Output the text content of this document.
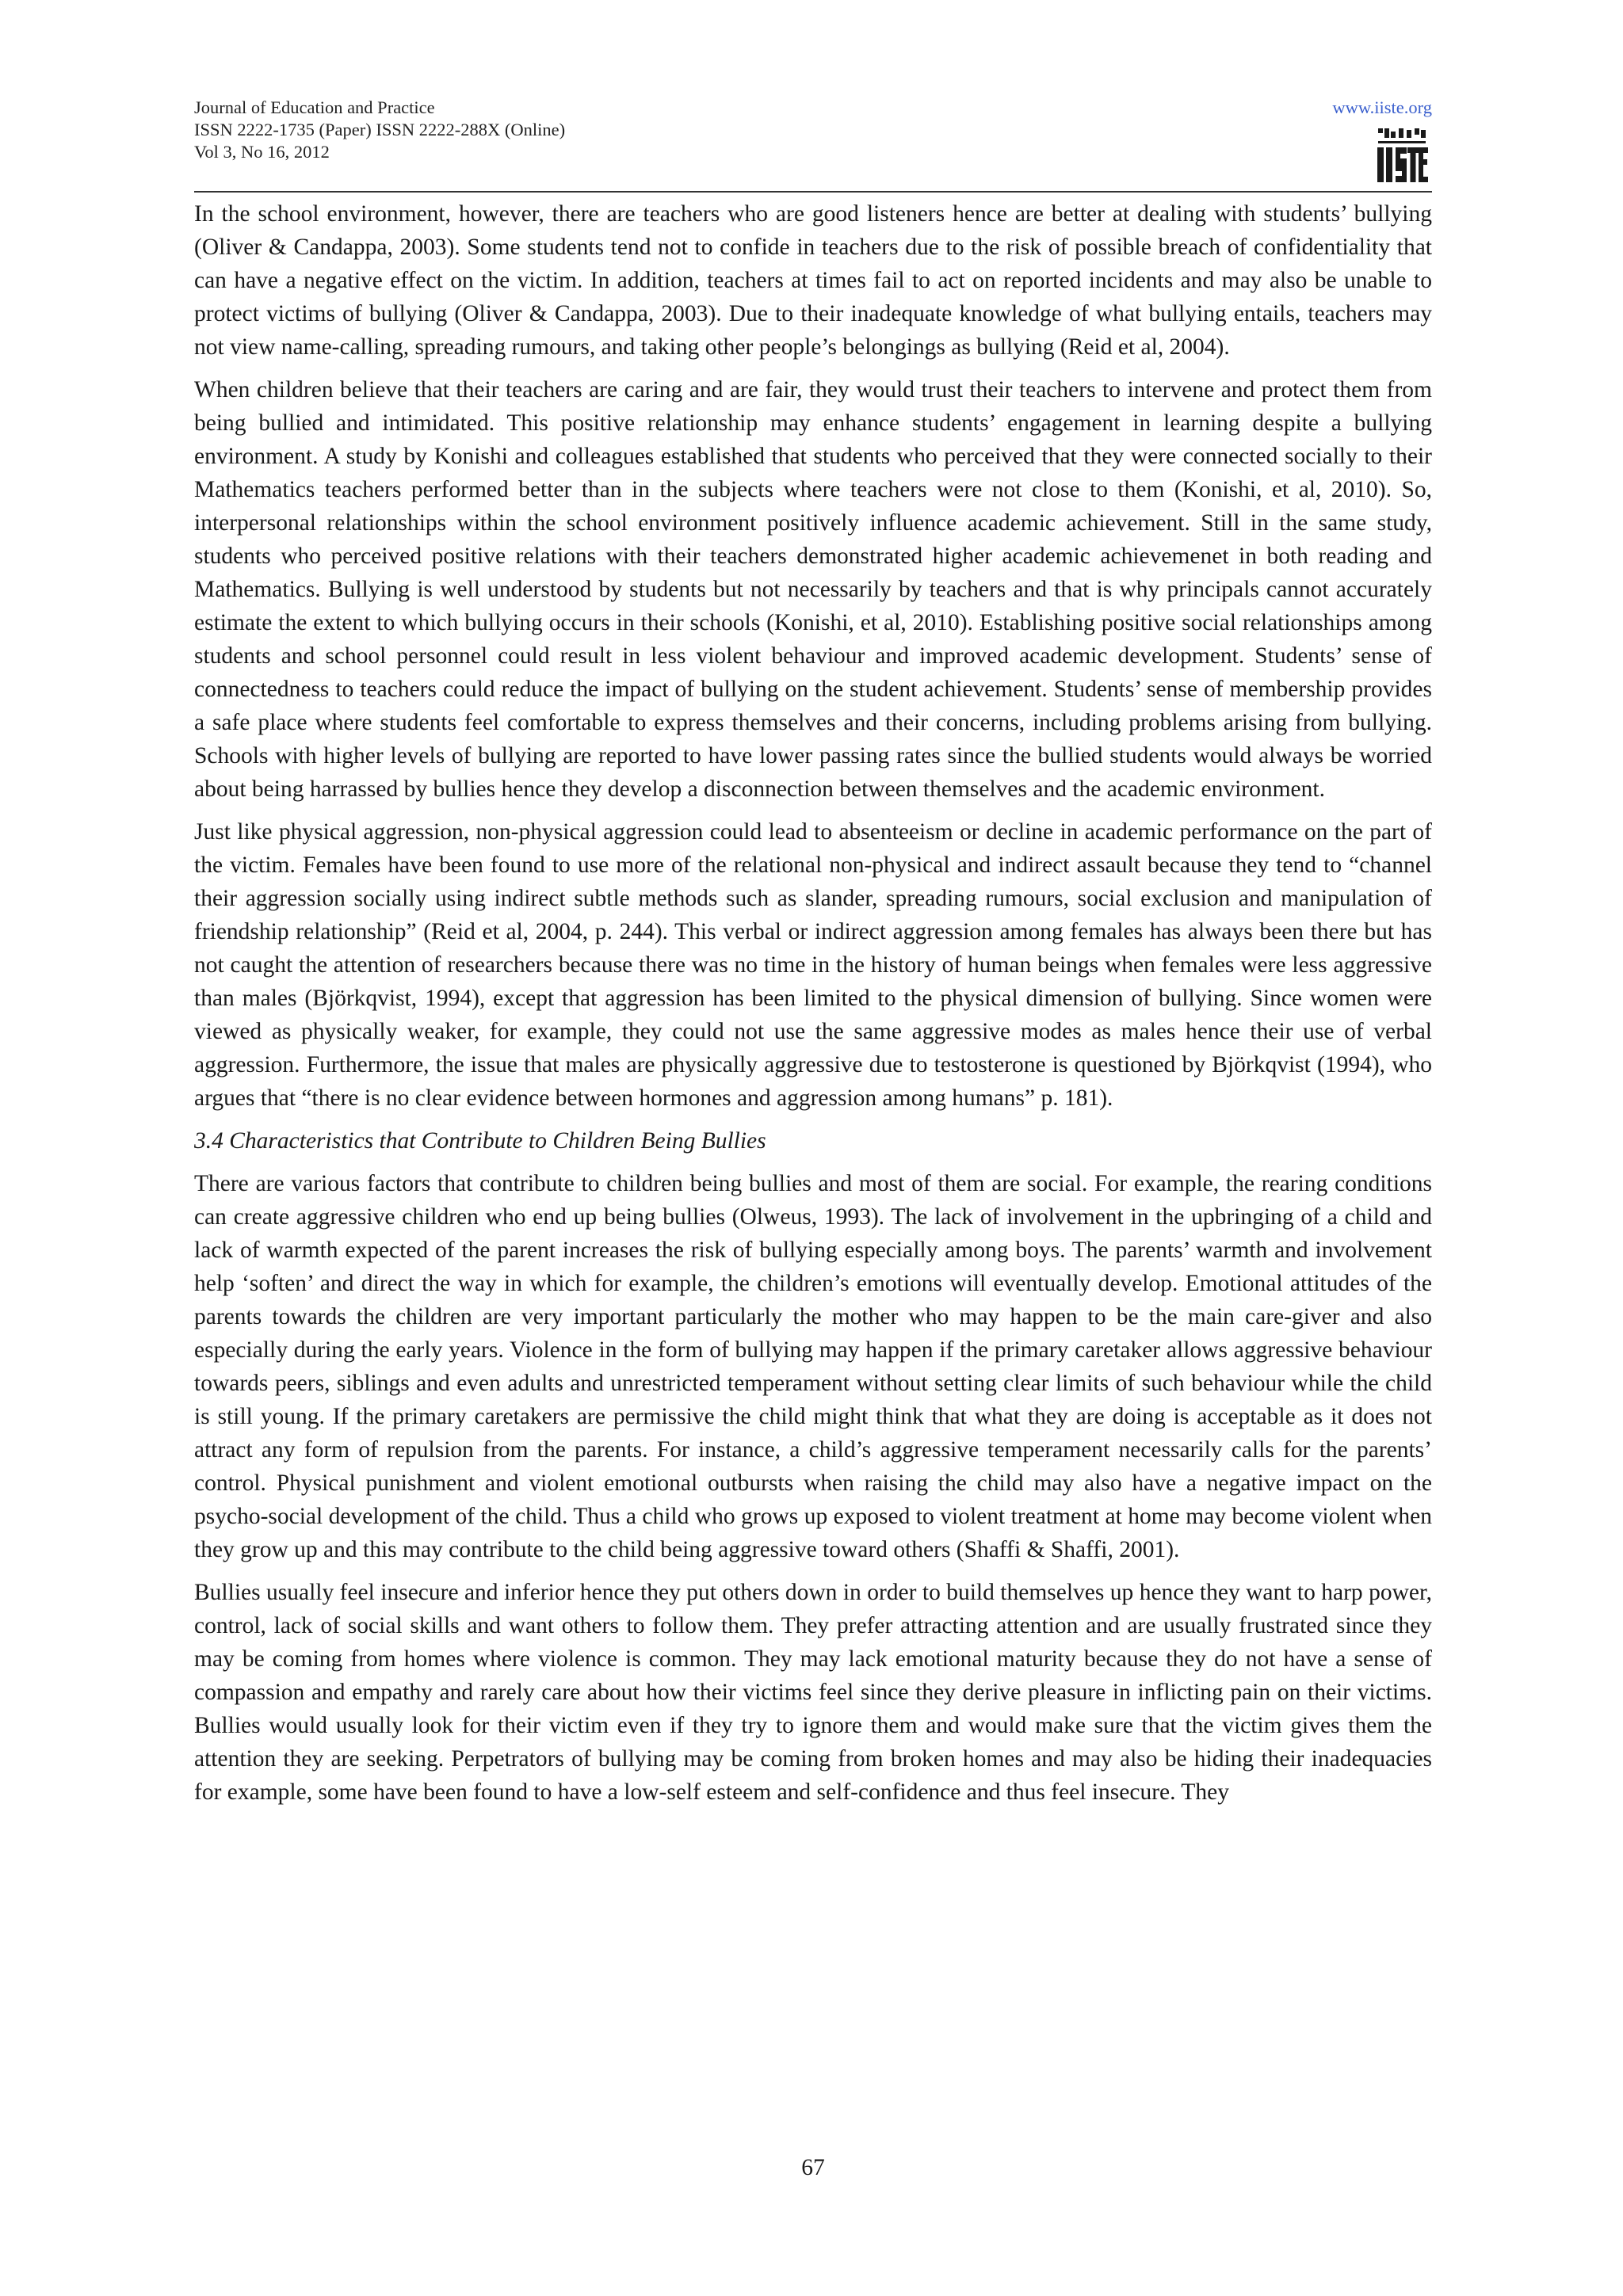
Journal of Education and Practice
ISSN 2222-1735 (Paper) ISSN 2222-288X (Online)
Vol 3, No 16, 2012
www.iiste.org

In the school environment, however, there are teachers who are good listeners hence are better at dealing with students’ bullying (Oliver & Candappa, 2003). Some students tend not to confide in teachers due to the risk of possible breach of confidentiality that can have a negative effect on the victim. In addition, teachers at times fail to act on reported incidents and may also be unable to protect victims of bullying (Oliver & Candappa, 2003). Due to their inadequate knowledge of what bullying entails, teachers may not view name-calling, spreading rumours, and taking other people’s belongings as bullying (Reid et al, 2004).

When children believe that their teachers are caring and are fair, they would trust their teachers to intervene and protect them from being bullied and intimidated. This positive relationship may enhance students’ engagement in learning despite a bullying environment. A study by Konishi and colleagues established that students who perceived that they were connected socially to their Mathematics teachers performed better than in the subjects where teachers were not close to them (Konishi, et al, 2010). So, interpersonal relationships within the school environment positively influence academic achievement. Still in the same study, students who perceived positive relations with their teachers demonstrated higher academic achievemenet in both reading and Mathematics. Bullying is well understood by students but not necessarily by teachers and that is why principals cannot accurately estimate the extent to which bullying occurs in their schools (Konishi, et al, 2010). Establishing positive social relationships among students and school personnel could result in less violent behaviour and improved academic development. Students’ sense of connectedness to teachers could reduce the impact of bullying on the student achievement. Students’ sense of membership provides a safe place where students feel comfortable to express themselves and their concerns, including problems arising from bullying. Schools with higher levels of bullying are reported to have lower passing rates since the bullied students would always be worried about being harrassed by bullies hence they develop a disconnection between themselves and the academic environment.

Just like physical aggression, non-physical aggression could lead to absenteeism or decline in academic performance on the part of the victim. Females have been found to use more of the relational non-physical and indirect assault because they tend to “channel their aggression socially using indirect subtle methods such as slander, spreading rumours, social exclusion and manipulation of friendship relationship” (Reid et al, 2004, p. 244). This verbal or indirect aggression among females has always been there but has not caught the attention of researchers because there was no time in the history of human beings when females were less aggressive than males (Björkqvist, 1994), except that aggression has been limited to the physical dimension of bullying. Since women were viewed as physically weaker, for example, they could not use the same aggressive modes as males hence their use of verbal aggression. Furthermore, the issue that males are physically aggressive due to testosterone is questioned by Björkqvist (1994), who argues that “there is no clear evidence between hormones and aggression among humans” p. 181).

3.4 Characteristics that Contribute to Children Being Bullies

There are various factors that contribute to children being bullies and most of them are social. For example, the rearing conditions can create aggressive children who end up being bullies (Olweus, 1993). The lack of involvement in the upbringing of a child and lack of warmth expected of the parent increases the risk of bullying especially among boys. The parents’ warmth and involvement help ‘soften’ and direct the way in which for example, the children’s emotions will eventually develop. Emotional attitudes of the parents towards the children are very important particularly the mother who may happen to be the main care-giver and also especially during the early years. Violence in the form of bullying may happen if the primary caretaker allows aggressive behaviour towards peers, siblings and even adults and unrestricted temperament without setting clear limits of such behaviour while the child is still young. If the primary caretakers are permissive the child might think that what they are doing is acceptable as it does not attract any form of repulsion from the parents. For instance, a child’s aggressive temperament necessarily calls for the parents’ control. Physical punishment and violent emotional outbursts when raising the child may also have a negative impact on the psycho-social development of the child. Thus a child who grows up exposed to violent treatment at home may become violent when they grow up and this may contribute to the child being aggressive toward others (Shaffi & Shaffi, 2001).

Bullies usually feel insecure and inferior hence they put others down in order to build themselves up hence they want to harp power, control, lack of social skills and want others to follow them. They prefer attracting attention and are usually frustrated since they may be coming from homes where violence is common. They may lack emotional maturity because they do not have a sense of compassion and empathy and rarely care about how their victims feel since they derive pleasure in inflicting pain on their victims. Bullies would usually look for their victim even if they try to ignore them and would make sure that the victim gives them the attention they are seeking. Perpetrators of bullying may be coming from broken homes and may also be hiding their inadequacies for example, some have been found to have a low-self esteem and self-confidence and thus feel insecure. They

67
